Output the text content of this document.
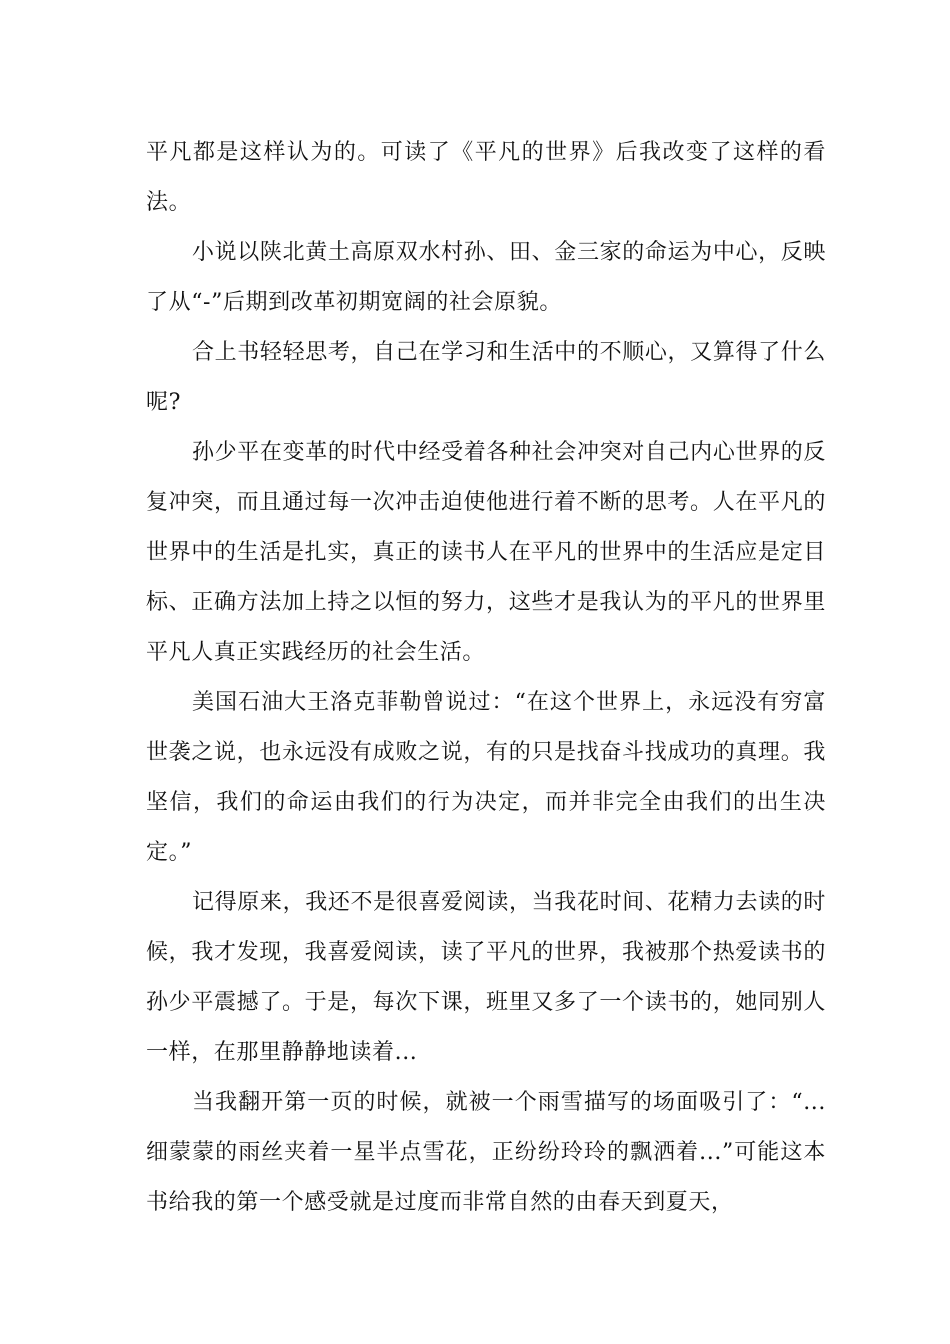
平凡都是这样认为的。可读了《平凡的世界》后我改变了这样的看法。

小说以陕北黄土高原双水村孙、田、金三家的命运为中心，反映了从“-”后期到改革初期宽阔的社会原貌。

合上书轻轻思考，自己在学习和生活中的不顺心，又算得了什么呢?

孙少平在变革的时代中经受着各种社会冲突对自己内心世界的反复冲突，而且通过每一次冲击迫使他进行着不断的思考。人在平凡的世界中的生活是扎实，真正的读书人在平凡的世界中的生活应是定目标、正确方法加上持之以恒的努力，这些才是我认为的平凡的世界里平凡人真正实践经历的社会生活。

美国石油大王洛克菲勒曾说过：“在这个世界上，永远没有穷富世袭之说，也永远没有成败之说，有的只是找奋斗找成功的真理。我坚信，我们的命运由我们的行为决定，而并非完全由我们的出生决定。”

记得原来，我还不是很喜爱阅读，当我花时间、花精力去读的时候，我才发现，我喜爱阅读，读了平凡的世界，我被那个热爱读书的孙少平震撼了。于是，每次下课，班里又多了一个读书的，她同别人一样，在那里静静地读着...

当我翻开第一页的时候，就被一个雨雪描写的场面吸引了：“...细蒙蒙的雨丝夹着一星半点雪花，正纷纷玲玲的飘洒着...”可能这本书给我的第一个感受就是过度而非常自然的由春天到夏天，
